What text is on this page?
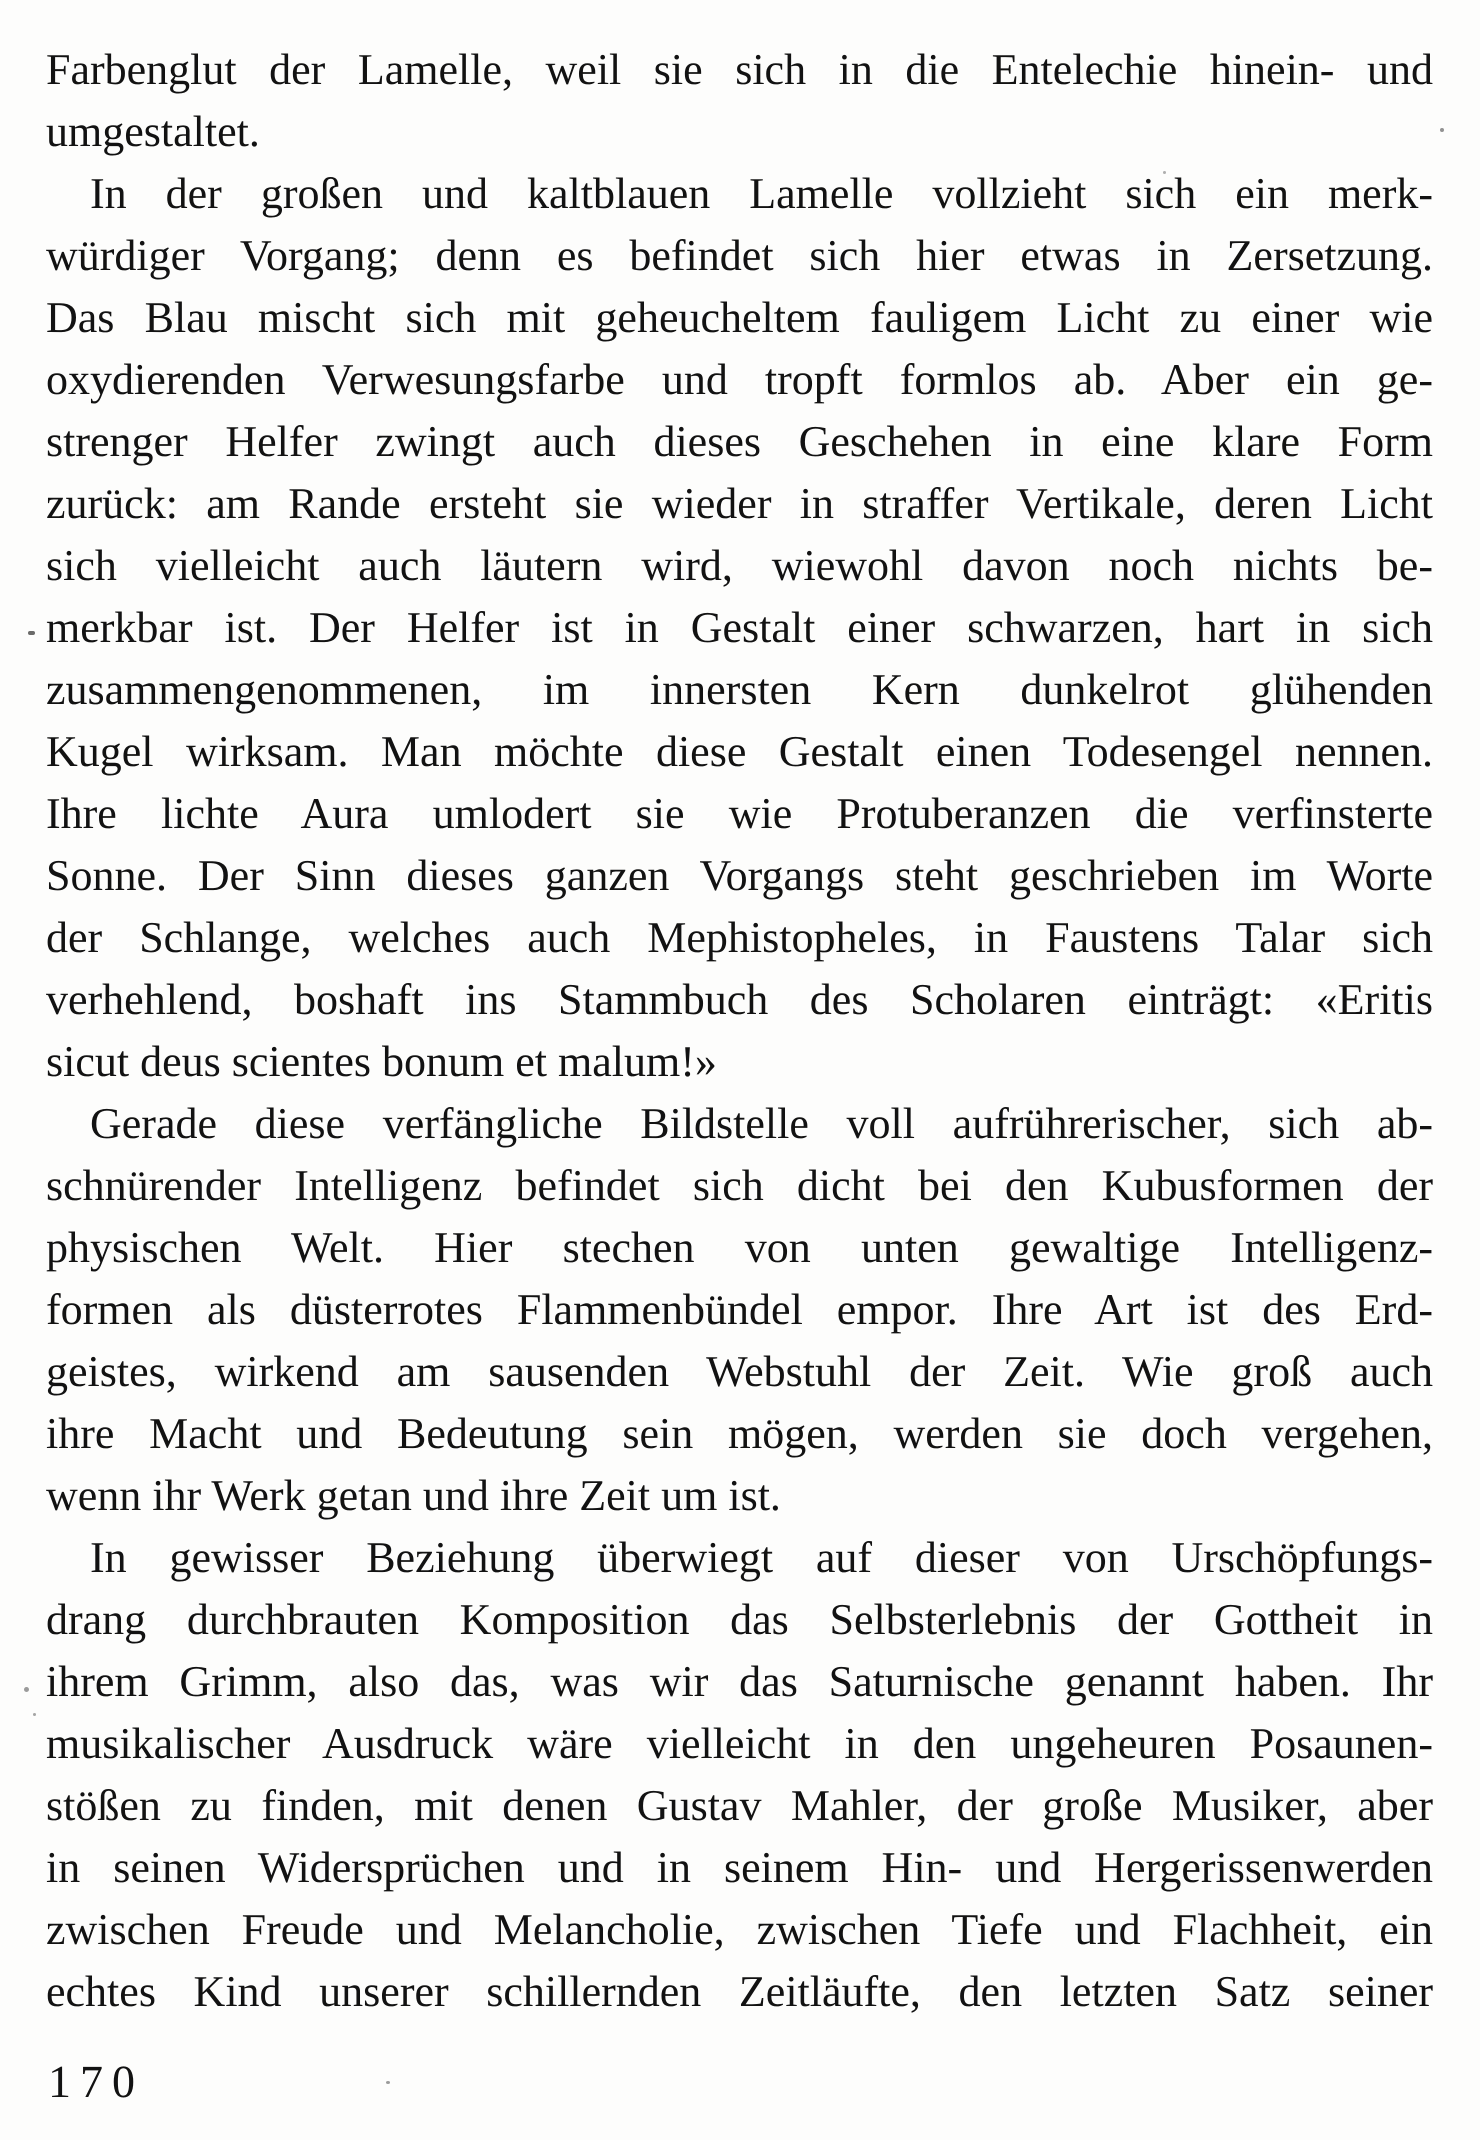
Farbenglut der Lamelle, weil sie sich in die Entelechie hinein- und
umgestaltet.
In der großen und kaltblauen Lamelle vollzieht sich ein merk-
würdiger Vorgang; denn es befindet sich hier etwas in Zersetzung.
Das Blau mischt sich mit geheucheltem fauligem Licht zu einer wie
oxydierenden Verwesungsfarbe und tropft formlos ab. Aber ein ge-
strenger Helfer zwingt auch dieses Geschehen in eine klare Form
zurück: am Rande ersteht sie wieder in straffer Vertikale, deren Licht
sich vielleicht auch läutern wird, wiewohl davon noch nichts be-
merkbar ist. Der Helfer ist in Gestalt einer schwarzen, hart in sich
zusammengenommenen, im innersten Kern dunkelrot glühenden
Kugel wirksam. Man möchte diese Gestalt einen Todesengel nennen.
Ihre lichte Aura umlodert sie wie Protuberanzen die verfinsterte
Sonne. Der Sinn dieses ganzen Vorgangs steht geschrieben im Worte
der Schlange, welches auch Mephistopheles, in Faustens Talar sich
verhehlend, boshaft ins Stammbuch des Scholaren einträgt: «Eritis
sicut deus scientes bonum et malum!»
Gerade diese verfängliche Bildstelle voll aufrührerischer, sich ab-
schnürender Intelligenz befindet sich dicht bei den Kubusformen der
physischen Welt. Hier stechen von unten gewaltige Intelligenz-
formen als düsterrotes Flammenbündel empor. Ihre Art ist des Erd-
geistes, wirkend am sausenden Webstuhl der Zeit. Wie groß auch
ihre Macht und Bedeutung sein mögen, werden sie doch vergehen,
wenn ihr Werk getan und ihre Zeit um ist.
In gewisser Beziehung überwiegt auf dieser von Urschöpfungs-
drang durchbrauten Komposition das Selbsterlebnis der Gottheit in
ihrem Grimm, also das, was wir das Saturnische genannt haben. Ihr
musikalischer Ausdruck wäre vielleicht in den ungeheuren Posaunen-
stößen zu finden, mit denen Gustav Mahler, der große Musiker, aber
in seinen Widersprüchen und in seinem Hin- und Hergerissenwerden
zwischen Freude und Melancholie, zwischen Tiefe und Flachheit, ein
echtes Kind unserer schillernden Zeitläufte, den letzten Satz seiner
170
